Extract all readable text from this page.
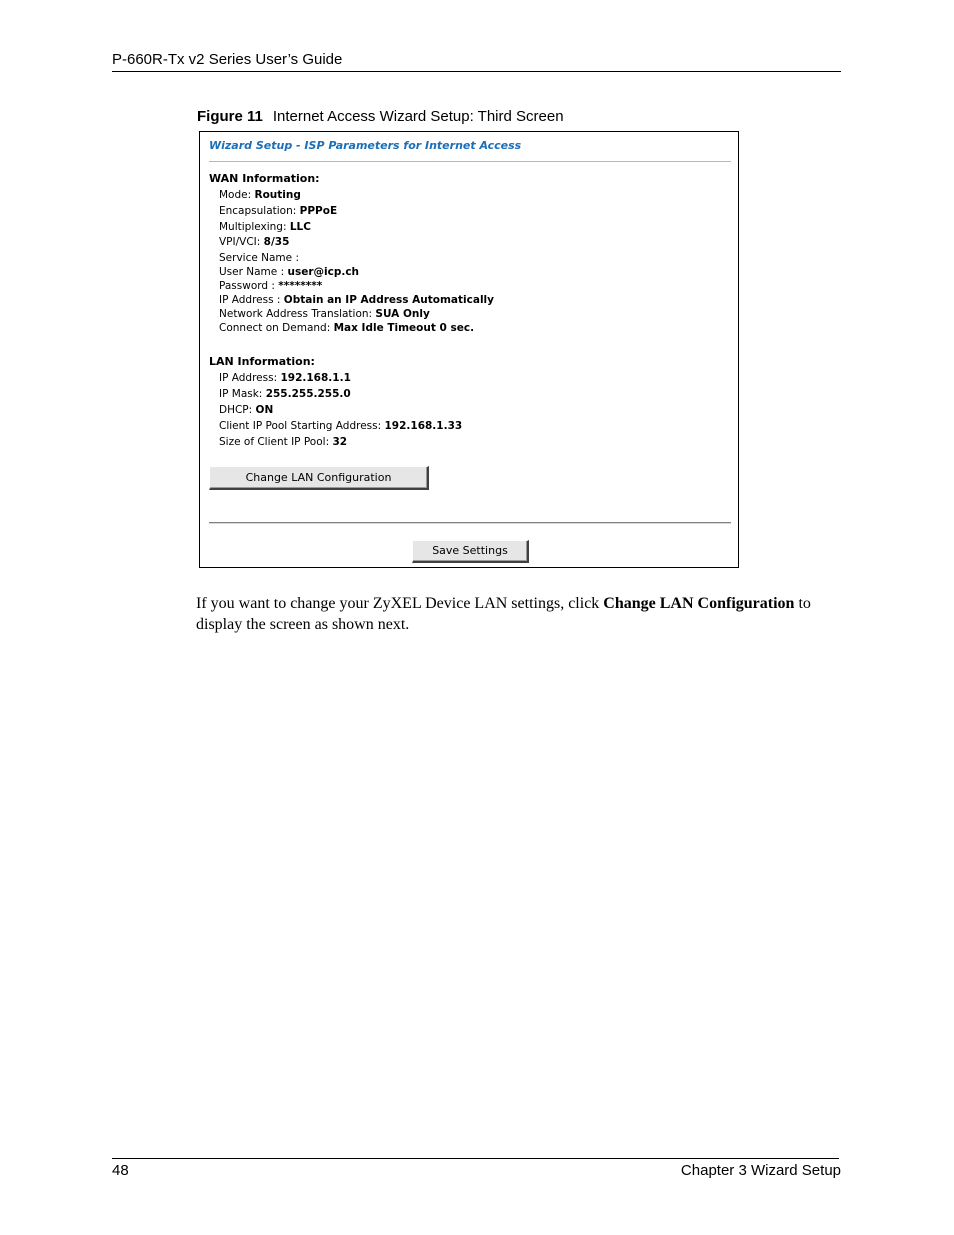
P-660R-Tx v2 Series User’s Guide
Figure 11 Internet Access Wizard Setup: Third Screen
Wizard Setup - ISP Parameters for Internet Access
WAN Information:
Mode: Routing
Encapsulation: PPPoE
Multiplexing: LLC
VPI/VCI: 8/35
Service Name :
User Name : user@icp.ch
Password : ********
IP Address : Obtain an IP Address Automatically
Network Address Translation: SUA Only
Connect on Demand: Max Idle Timeout 0 sec.
LAN Information:
IP Address: 192.168.1.1
IP Mask: 255.255.255.0
DHCP: ON
Client IP Pool Starting Address: 192.168.1.33
Size of Client IP Pool: 32
Change LAN Configuration
Save Settings
If you want to change your ZyXEL Device LAN settings, click Change LAN Configuration to display the screen as shown next.
48	Chapter 3 Wizard Setup
